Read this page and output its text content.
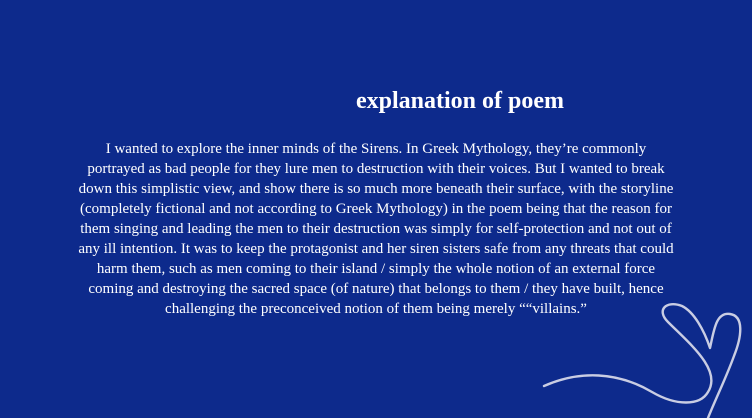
explanation of poem

I wanted to explore the inner minds of the Sirens. In Greek Mythology, they’re commonly portrayed as bad people for they lure men to destruction with their voices. But I wanted to break down this simplistic view, and show there is so much more beneath their surface, with the storyline (completely fictional and not according to Greek Mythology) in the poem being that the reason for them singing and leading the men to their destruction was simply for self-protection and not out of any ill intention. It was to keep the protagonist and her siren sisters safe from any threats that could harm them, such as men coming to their island / simply the whole notion of an external force coming and destroying the sacred space (of nature) that belongs to them / they have built, hence challenging the preconceived notion of them being merely ““villains.”
